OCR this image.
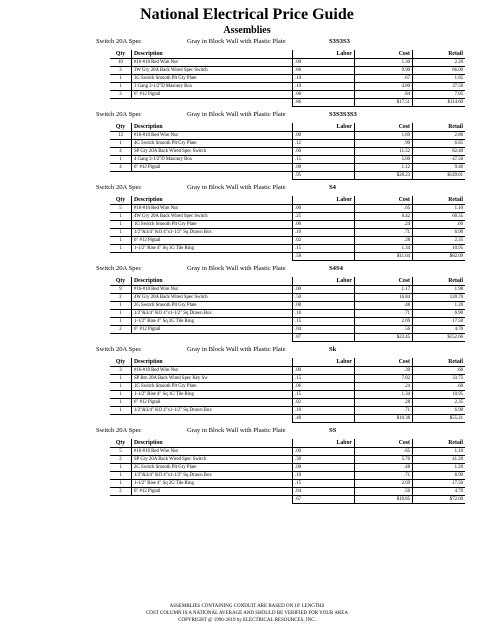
National Electrical Price Guide
Assemblies
Switch 20A Spec	Gray in Block Wall with Plastic Plate	S3S3S3
Qty	Description	Labor	Cost	Retail
10	#16-#10 Red Wire Nut	.00	1.30	2.20
3	3W Gry 20A Back Wired Spec Switch	.60	9.90	66.00
1	3G Switch Smooth Plt Gry Plate	.10	.67	1.85
1	3 Gang 3-1/2"D Masonry Box	.10	4.80	37.50
3	6" #12 Pigtail	.06	.84	7.05
		.86	$17.51	$114.60
Switch 20A Spec	Gray in Block Wall with Plastic Plate	S3S3S3S3
Qty	Description	Labor	Cost	Retail
13	#16-#10 Red Wire Nut	.00	1.69	2.86
1	4G Switch Smooth Plt Gry Plate	.12	.90	6.85
4	SP Gry 20A Back Wired Spec Switch	.60	11.52	82.40
1	4 Gang 3-1/2"D Masonry Box	.15	5.00	47.50
4	6" #12 Pigtail	.08	1.12	9.40
		.95	$20.23	$149.01
Switch 20A Spec	Gray in Block Wall with Plastic Plate	S4
Qty	Description	Labor	Cost	Retail
5	#16-#10 Red Wire Nut	.00	.65	1.10
1	4W Gry 20A Back Wired Spec Switch	.25	8.42	60.35
1	1G Switch Smooth Plt Gry Plate	.06	.24	.60
1	1/2"&3/4" KO 4"x1-1/2" Sq Drawn Box	.10	.71	6.90
1	6" #12 Pigtail	.02	.28	2.35
1	1-1/2" Rise 4" Sq 1G Tile Ring	.15	1.34	10.95
		.58	$11.64	$82.09
Switch 20A Spec	Gray in Block Wall with Plastic Plate	S4S4
Qty	Description	Labor	Cost	Retail
9	#16-#10 Red Wire Nut	.00	1.17	1.98
2	4W Gry 20A Back Wired Spec Switch	.50	16.84	120.70
1	2G Switch Smooth Plt Gry Plate	.08	.48	1.20
1	1/2"&3/4" KO 4"x1-1/2" Sq Drawn Box	.10	.71	6.90
1	1-1/2" Rise 4" Sq 2G Tile Ring	.15	2.69	17.50
2	6" #12 Pigtail	.04	.56	4.70
		.87	$22.45	$152.66
Switch 20A Spec	Gray in Block Wall with Plastic Plate	Sk
Qty	Description	Labor	Cost	Retail
3	#16-#10 Red Wire Nut	.00	.39	.66
1	SP Brn 20A Back Wired Spec Key Sw	.15	7.02	33.75
1	1G Switch Smooth Plt Gry Plate	.06	.24	.60
1	1-1/2" Rise 4" Sq 1G Tile Ring	.15	1.34	10.95
1	6" #12 Pigtail	.02	.28	2.35
1	1/2"&3/4" KO 4"x1-1/2" Sq Drawn Box	.10	.71	6.90
		.48	$10.38	$55.21
Switch 20A Spec	Gray in Block Wall with Plastic Plate	SS
Qty	Description	Labor	Cost	Retail
5	#16-#10 Red Wire Nut	.00	.65	1.10
2	SP Gry 20A Back Wired Spec Switch	.30	5.76	41.20
1	2G Switch Smooth Plt Gry Plate	.08	.48	1.20
1	1/2"&3/4" KO 4"x1-1/2" Sq Drawn Box	.10	.71	6.90
1	1-1/2" Rise 4" Sq 2G Tile Ring	.15	2.69	17.50
2	6" #12 Pigtail	.04	.56	4.70
		.67	$10.85	$72.60
ASSEMBLIES CONTAINING CONDUIT ARE BASED ON 10' LENGTHS
COST COLUMN IS A NATIONAL AVERAGE AND SHOULD BE VERIFIED FOR YOUR AREA
COPYRIGHT @ 1996-2019 by ELECTRICAL RESOURCES, INC.
